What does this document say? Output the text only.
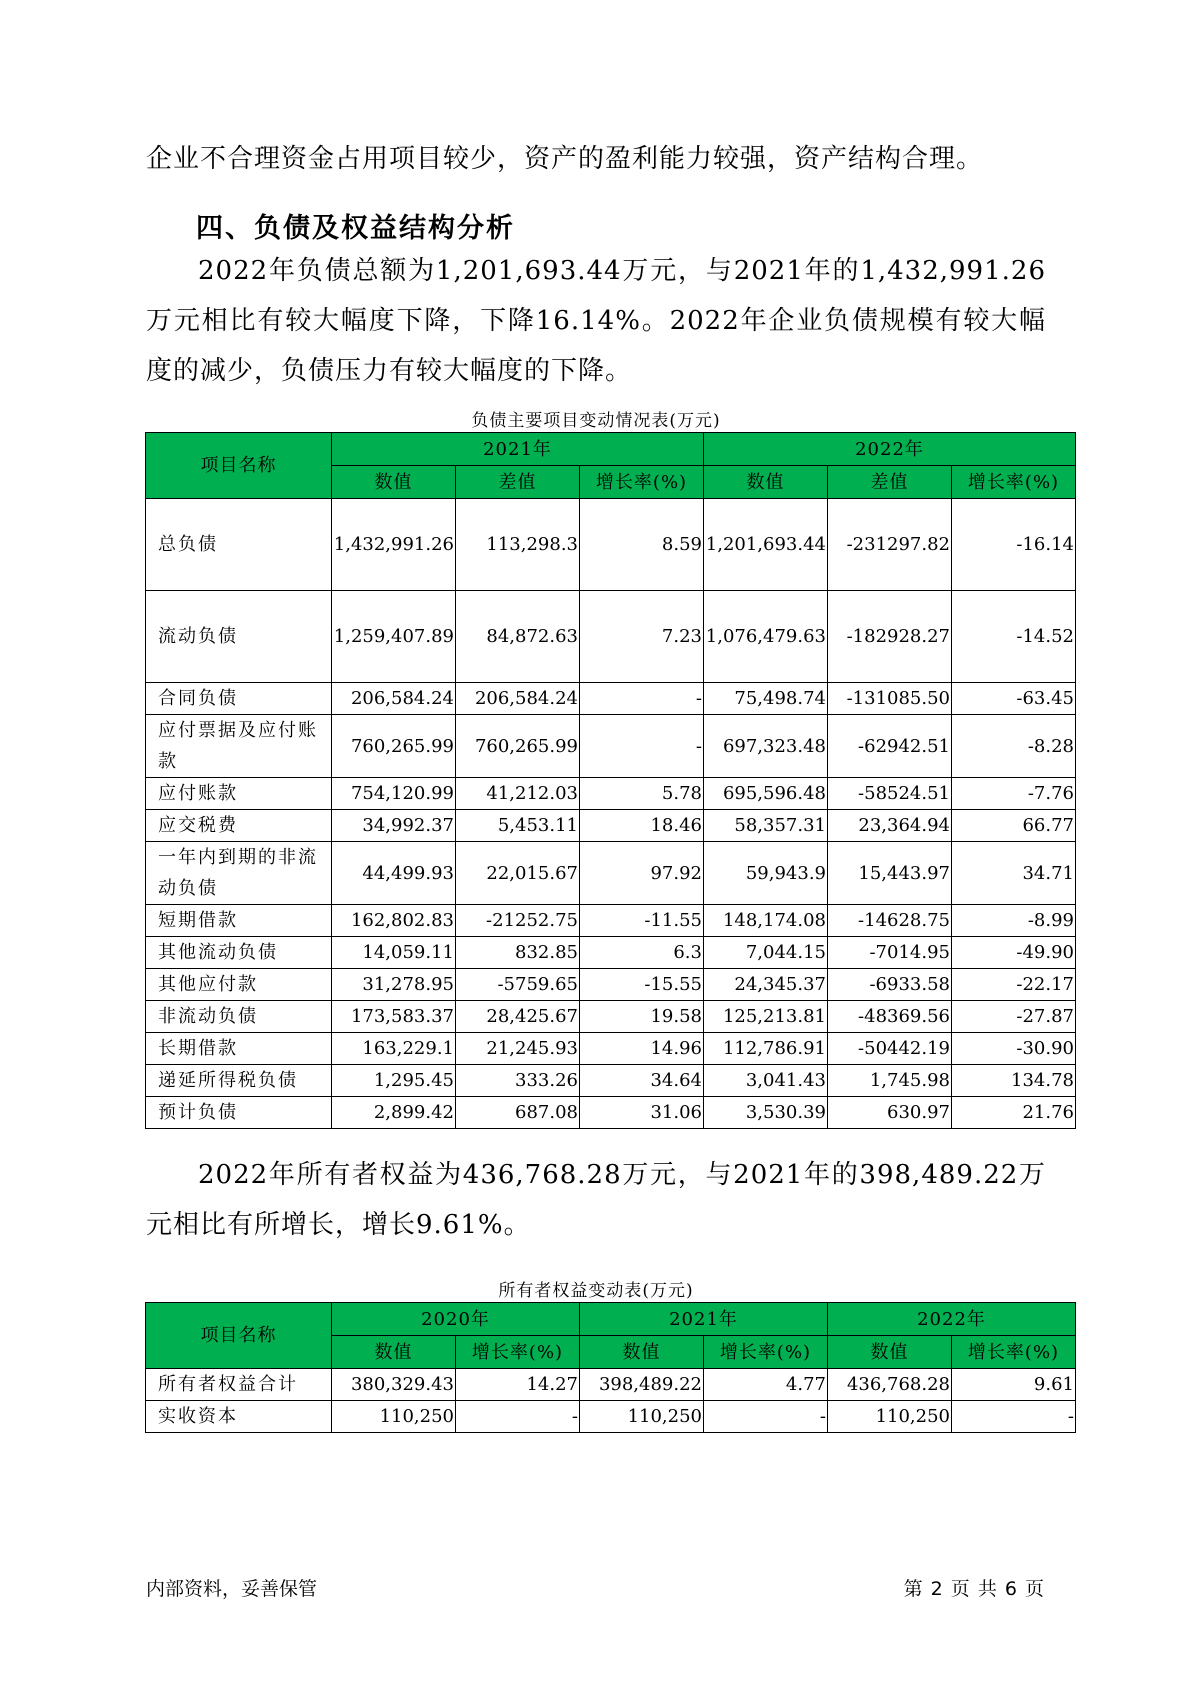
企业不合理资金占用项目较少，资产的盈利能力较强，资产结构合理。

四、负债及权益结构分析

2022年负债总额为1,201,693.44万元，与2021年的1,432,991.26万元相比有较大幅度下降，下降16.14%。2022年企业负债规模有较大幅度的减少，负债压力有较大幅度的下降。

负债主要项目变动情况表(万元)
项目名称	2021年			2022年		
	数值	差值	增长率(%)	数值	差值	增长率(%)
总负债	1,432,991.26	113,298.3	8.59	1,201,693.44	-231297.82	-16.14
流动负债	1,259,407.89	84,872.63	7.23	1,076,479.63	-182928.27	-14.52
合同负债	206,584.24	206,584.24	-	75,498.74	-131085.50	-63.45
应付票据及应付账款	760,265.99	760,265.99	-	697,323.48	-62942.51	-8.28
应付账款	754,120.99	41,212.03	5.78	695,596.48	-58524.51	-7.76
应交税费	34,992.37	5,453.11	18.46	58,357.31	23,364.94	66.77
一年内到期的非流动负债	44,499.93	22,015.67	97.92	59,943.9	15,443.97	34.71
短期借款	162,802.83	-21252.75	-11.55	148,174.08	-14628.75	-8.99
其他流动负债	14,059.11	832.85	6.3	7,044.15	-7014.95	-49.90
其他应付款	31,278.95	-5759.65	-15.55	24,345.37	-6933.58	-22.17
非流动负债	173,583.37	28,425.67	19.58	125,213.81	-48369.56	-27.87
长期借款	163,229.1	21,245.93	14.96	112,786.91	-50442.19	-30.90
递延所得税负债	1,295.45	333.26	34.64	3,041.43	1,745.98	134.78
预计负债	2,899.42	687.08	31.06	3,530.39	630.97	21.76

2022年所有者权益为436,768.28万元，与2021年的398,489.22万元相比有所增长，增长9.61%。

所有者权益变动表(万元)
项目名称	2020年		2021年		2022年	
	数值	增长率(%)	数值	增长率(%)	数值	增长率(%)
所有者权益合计	380,329.43	14.27	398,489.22	4.77	436,768.28	9.61
实收资本	110,250	-	110,250	-	110,250	-
内部资料，妥善保管	第 2 页 共 6 页
